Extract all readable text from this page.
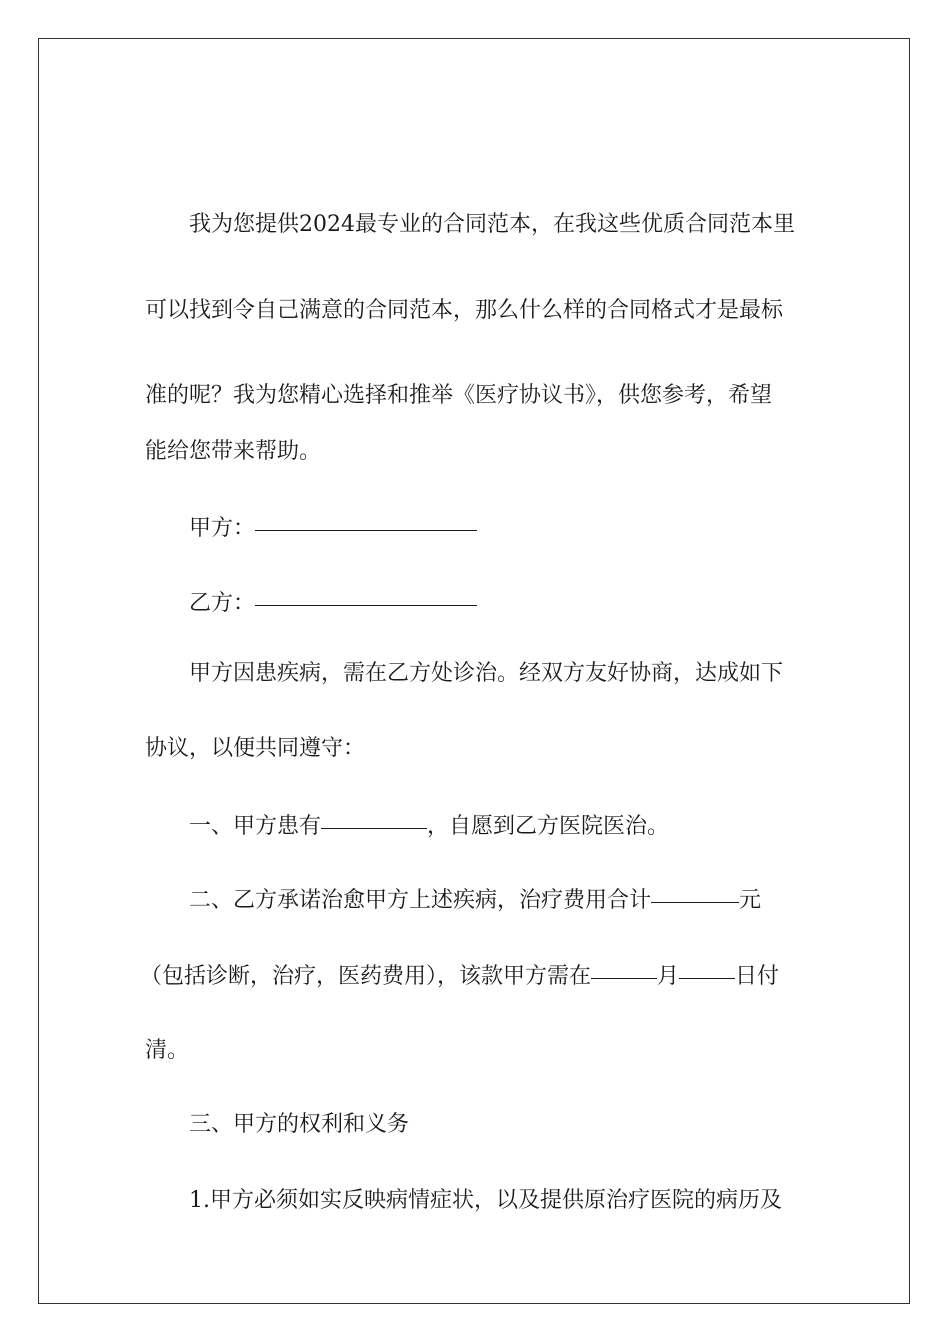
我为您提供2024最专业的合同范本，在我这些优质合同范本里
可以找到令自己满意的合同范本，那么什么样的合同格式才是最标
准的呢？我为您精心选择和推举《医疗协议书》，供您参考，希望
能给您带来帮助。
甲方：
乙方：
甲方因患疾病，需在乙方处诊治。经双方友好协商，达成如下
协议，以便共同遵守：
一、甲方患有	，自愿到乙方医院医治。
二、乙方承诺治愈甲方上述疾病，治疗费用合计	元
（包括诊断，治疗，医药费用），该款甲方需在	月	日付
清。
三、甲方的权利和义务
1.甲方必须如实反映病情症状，以及提供原治疗医院的病历及
